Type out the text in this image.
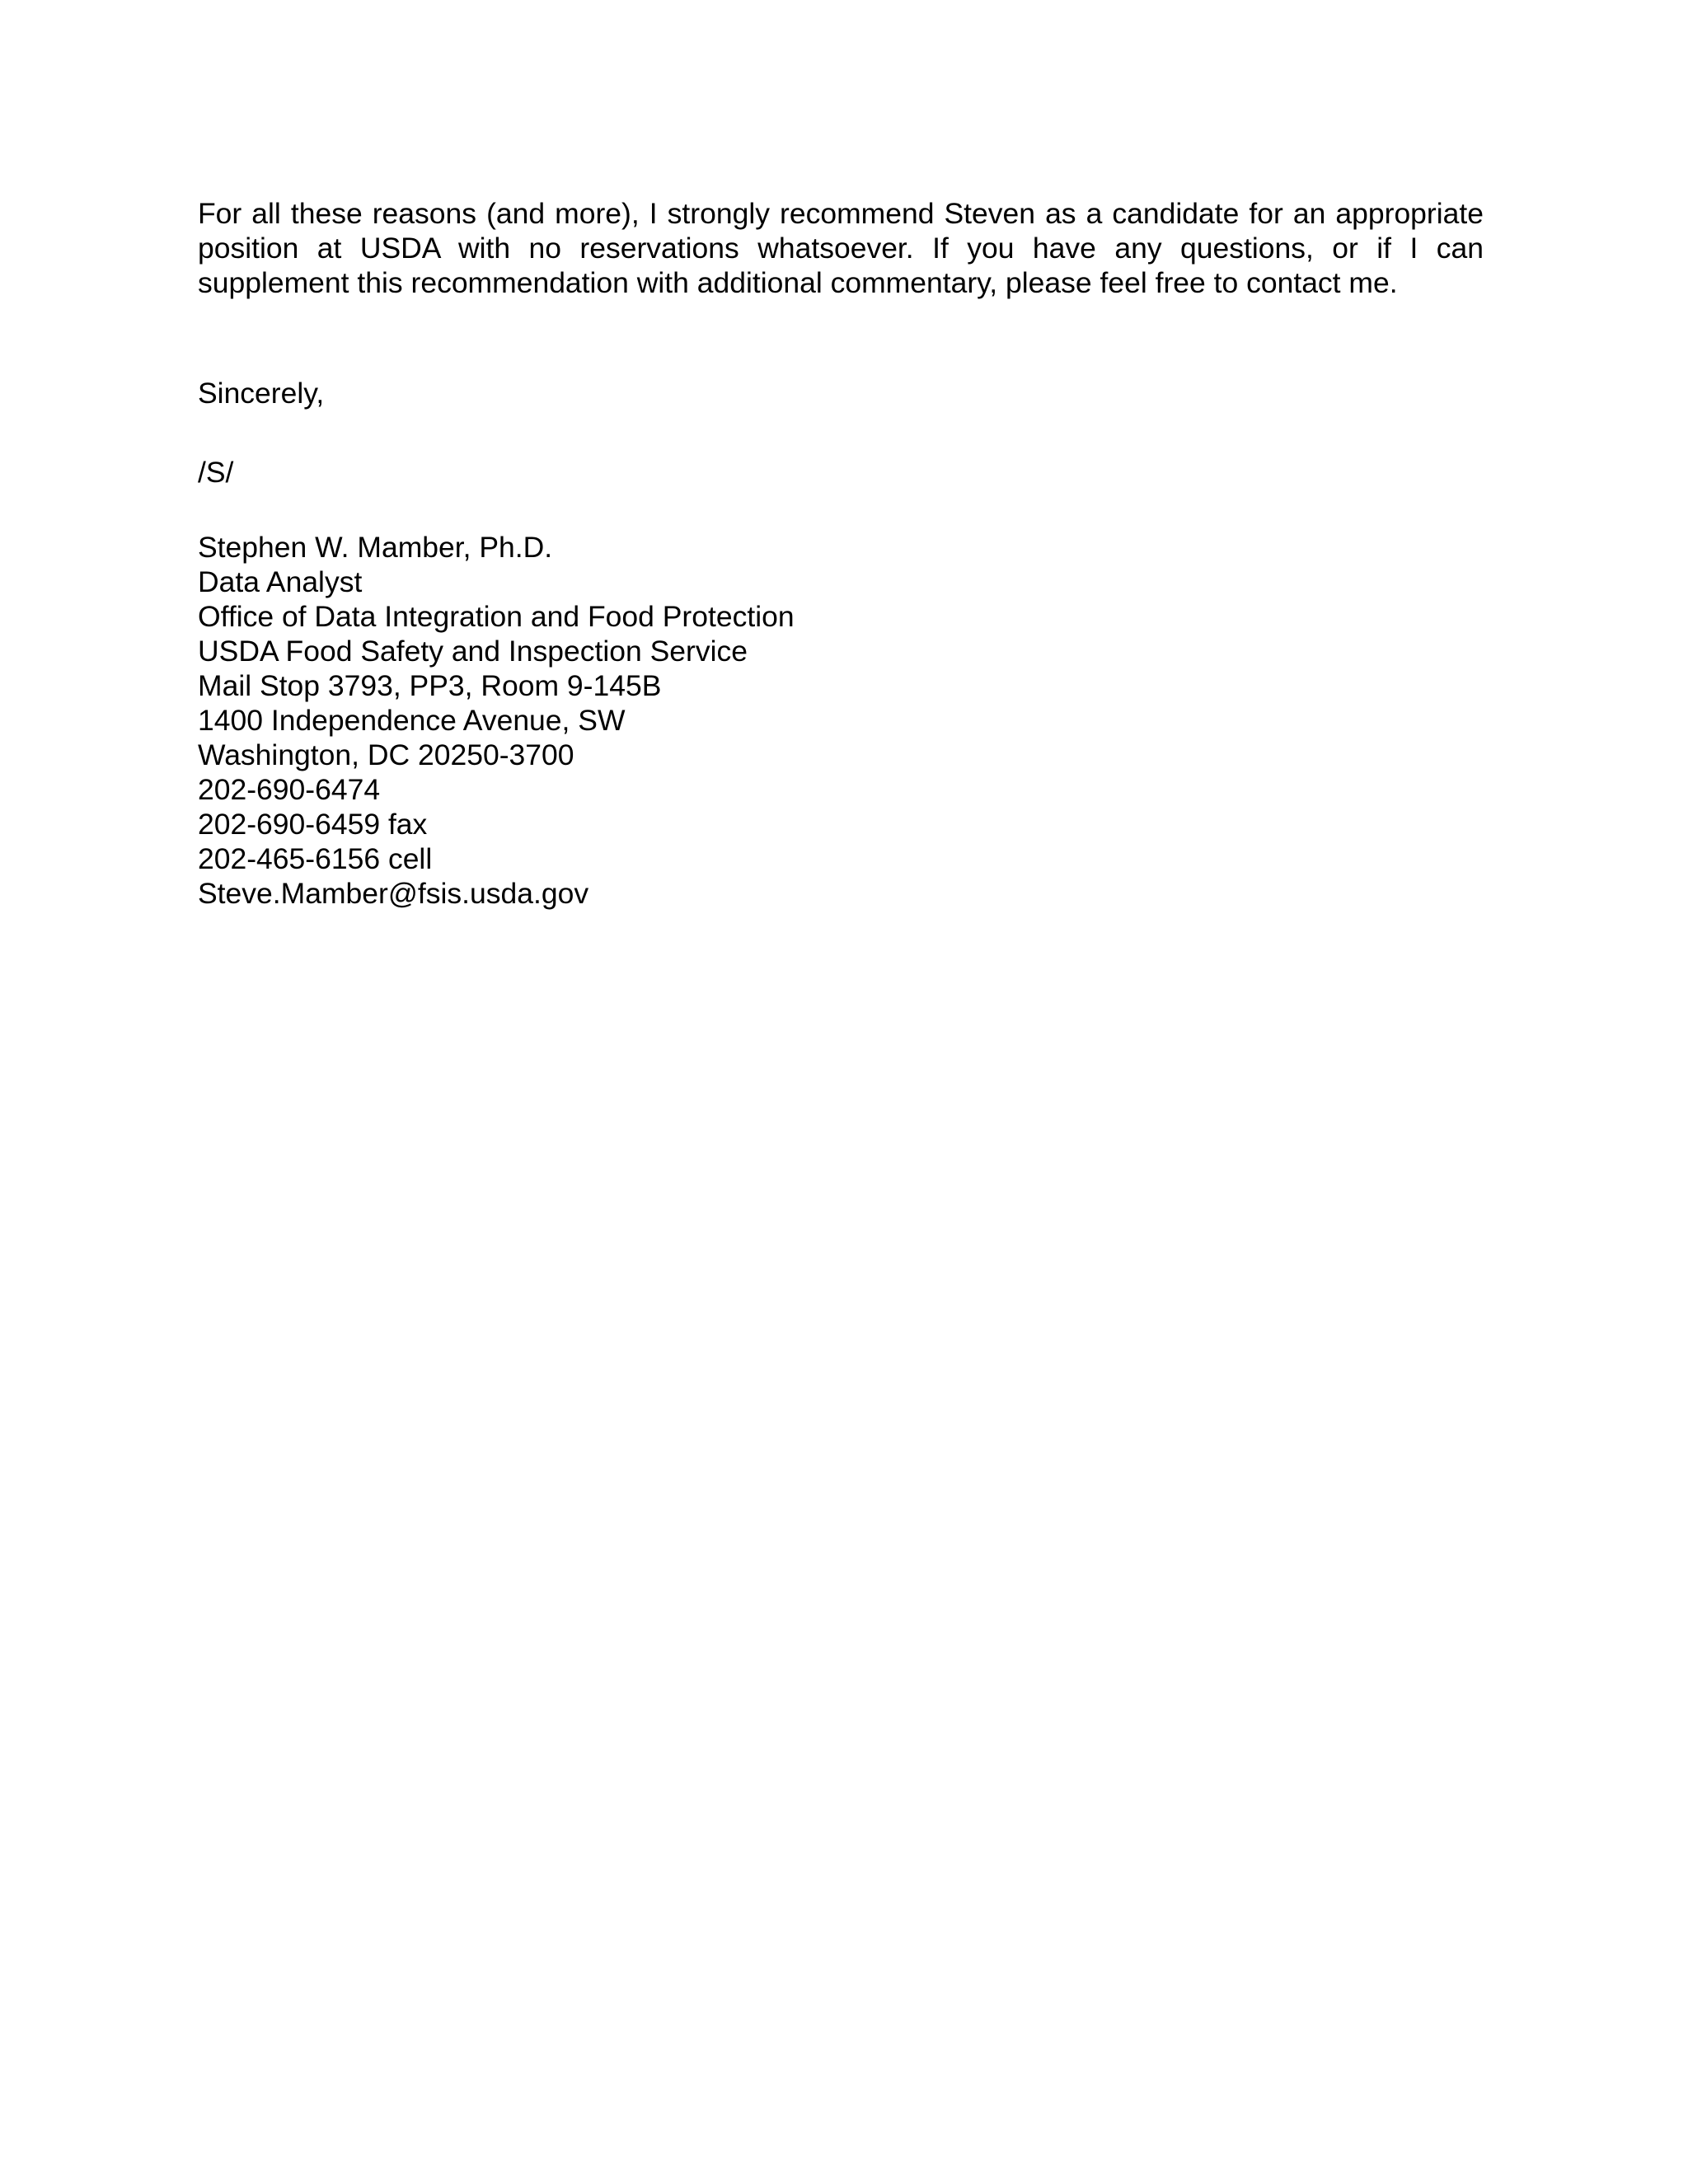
For all these reasons (and more), I strongly recommend Steven as a candidate for an appropriate position at USDA with no reservations whatsoever. If you have any questions, or if I can supplement this recommendation with additional commentary, please feel free to contact me.

Sincerely,

/S/

Stephen W. Mamber, Ph.D.
Data Analyst
Office of Data Integration and Food Protection
USDA Food Safety and Inspection Service
Mail Stop 3793, PP3, Room 9-145B
1400 Independence Avenue, SW
Washington, DC 20250-3700
202-690-6474
202-690-6459 fax
202-465-6156 cell
Steve.Mamber@fsis.usda.gov
